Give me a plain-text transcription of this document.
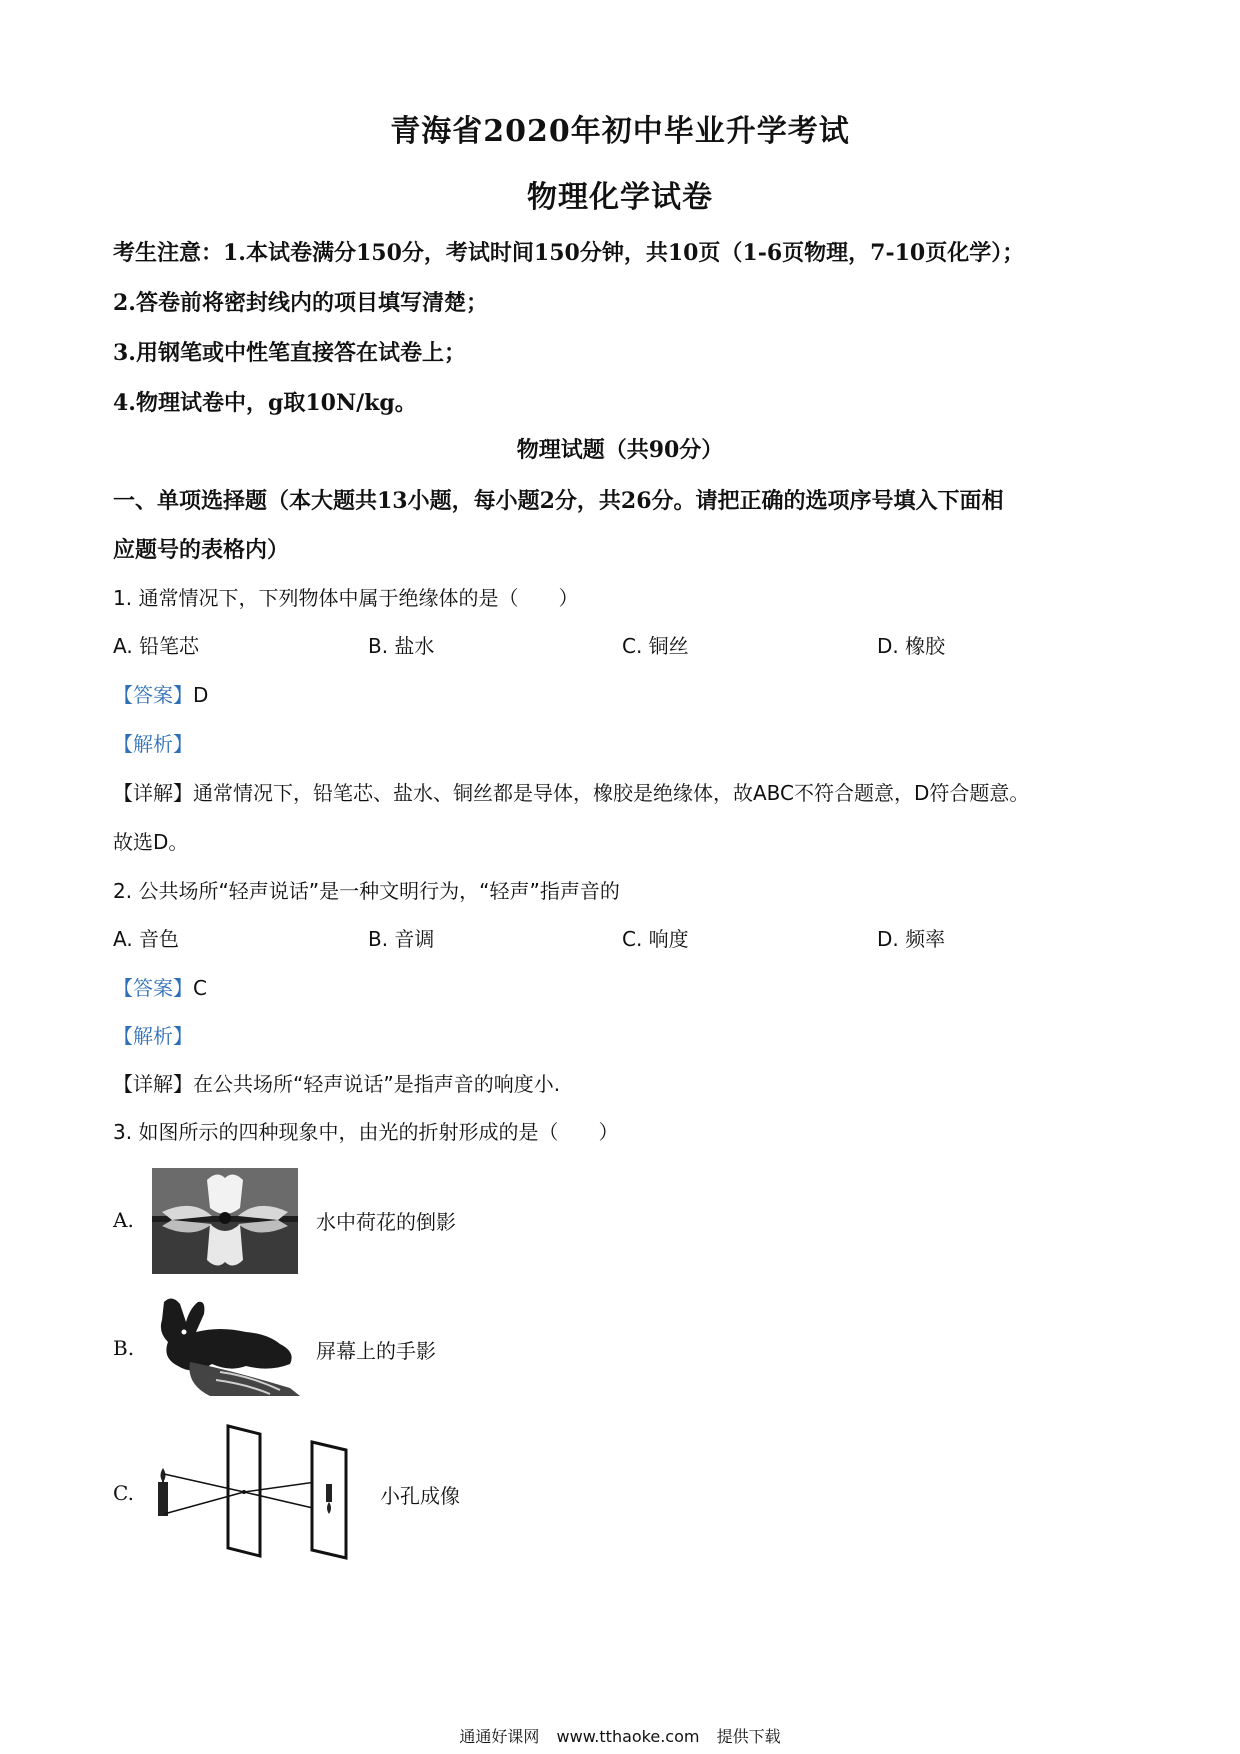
青海省2020年初中毕业升学考试
物理化学试卷
考生注意：1.本试卷满分150分，考试时间150分钟，共10页（1-6页物理，7-10页化学）；
2.答卷前将密封线内的项目填写清楚；
3.用钢笔或中性笔直接答在试卷上；
4.物理试卷中，g取10N/kg。
物理试题（共90分）
一、单项选择题（本大题共13小题，每小题2分，共26分。请把正确的选项序号填入下面相
应题号的表格内）
1. 通常情况下，下列物体中属于绝缘体的是（　　）
A. 铅笔芯	B. 盐水	C. 铜丝	D. 橡胶
【答案】D
【解析】
【详解】通常情况下，铅笔芯、盐水、铜丝都是导体，橡胶是绝缘体，故ABC不符合题意，D符合题意。
故选D。
2. 公共场所“轻声说话”是一种文明行为，“轻声”指声音的
A. 音色	B. 音调	C. 响度	D. 频率
【答案】C
【解析】
【详解】在公共场所“轻声说话”是指声音的响度小.
3. 如图所示的四种现象中，由光的折射形成的是（　　）
A.	水中荷花的倒影
B.	屏幕上的手影
C.	小孔成像
通通好课网 www.tthaoke.com 提供下载
